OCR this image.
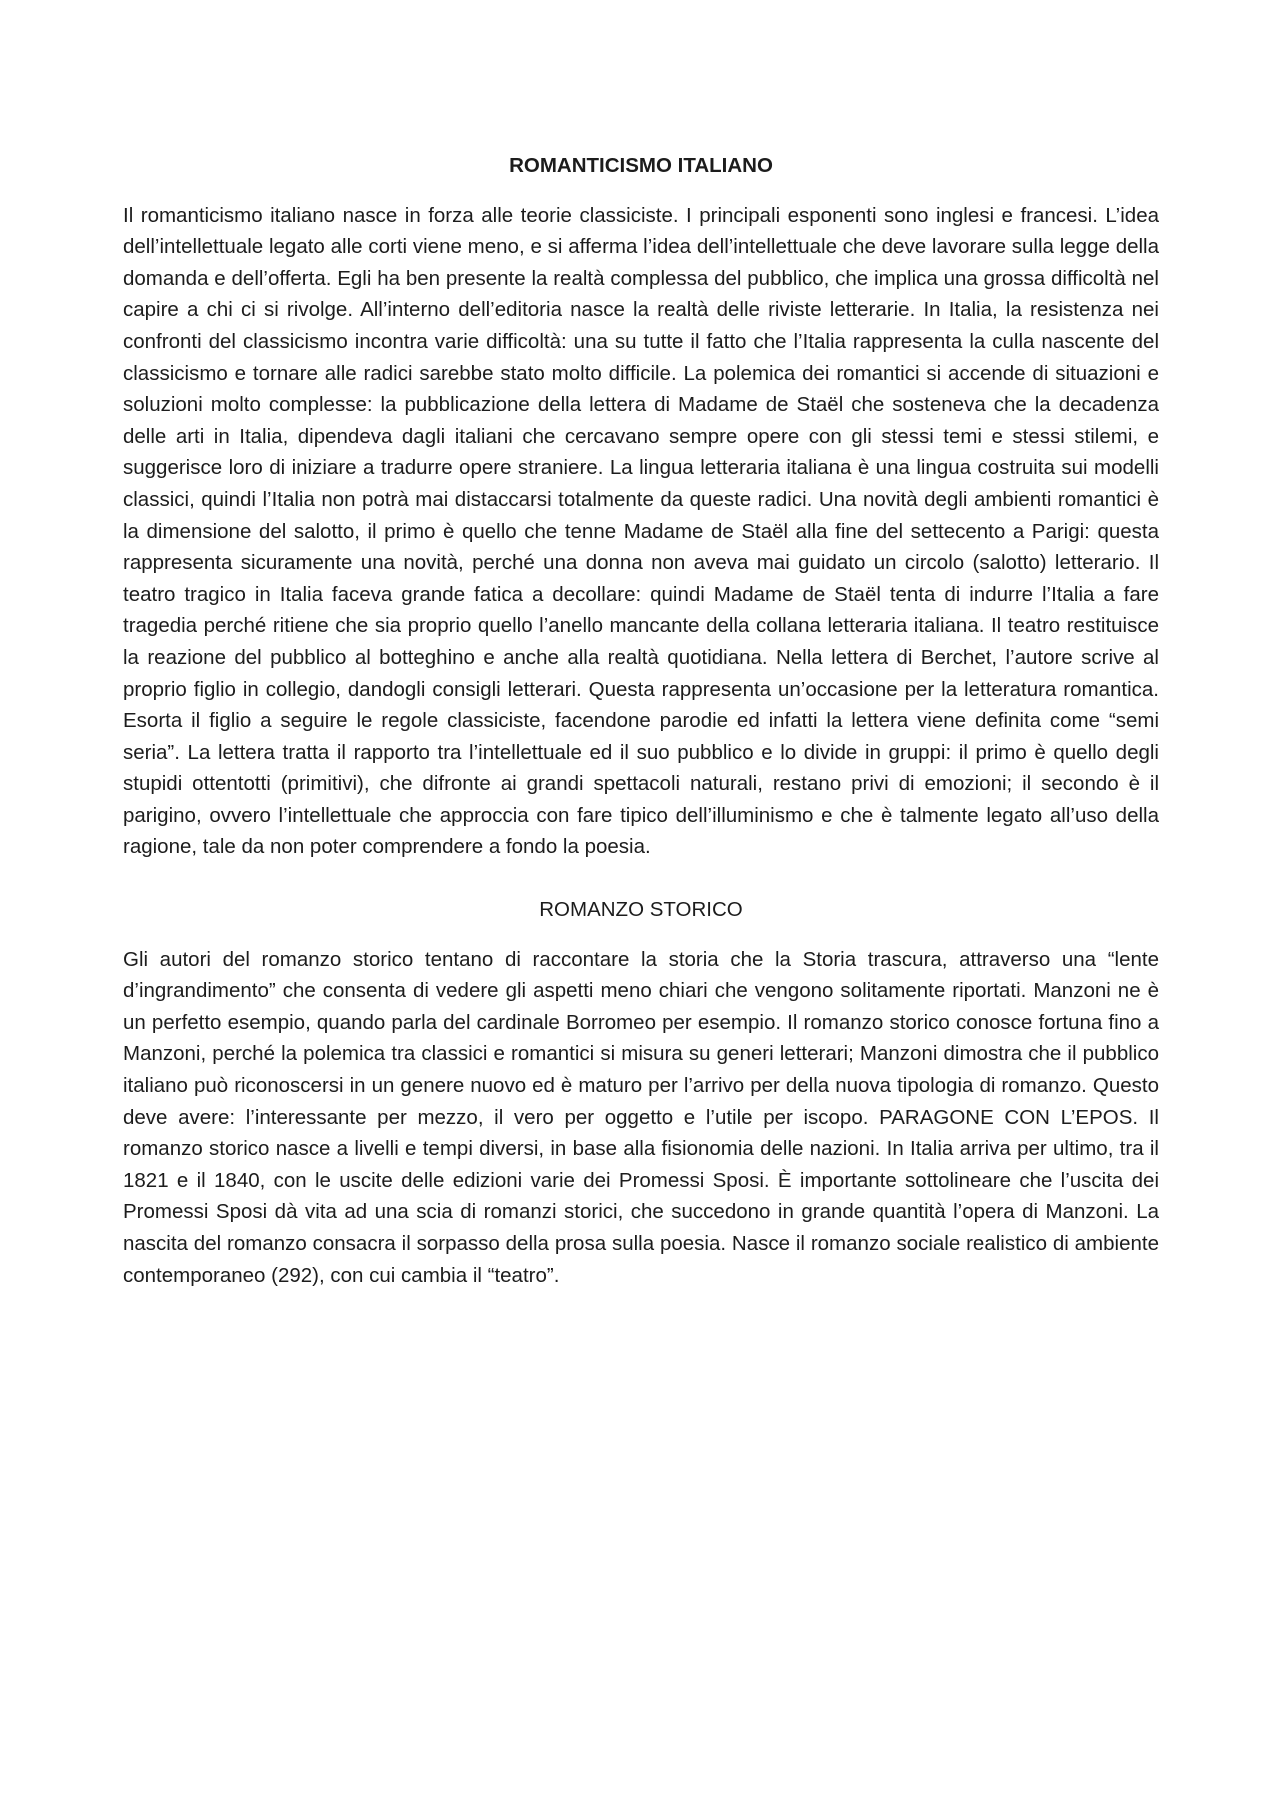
ROMANTICISMO ITALIANO

Il romanticismo italiano nasce in forza alle teorie classiciste. I principali esponenti sono inglesi e francesi. L’idea dell’intellettuale legato alle corti viene meno, e si afferma l’idea dell’intellettuale che deve lavorare sulla legge della domanda e dell’offerta. Egli ha ben presente la realtà complessa del pubblico, che implica una grossa difficoltà nel capire a chi ci si rivolge. All’interno dell’editoria nasce la realtà delle riviste letterarie. In Italia, la resistenza nei confronti del classicismo incontra varie difficoltà: una su tutte il fatto che l’Italia rappresenta la culla nascente del classicismo e tornare alle radici sarebbe stato molto difficile. La polemica dei romantici si accende di situazioni e soluzioni molto complesse: la pubblicazione della lettera di Madame de Staël che sosteneva che la decadenza delle arti in Italia, dipendeva dagli italiani che cercavano sempre opere con gli stessi temi e stessi stilemi, e suggerisce loro di iniziare a tradurre opere straniere. La lingua letteraria italiana è una lingua costruita sui modelli classici, quindi l’Italia non potrà mai distaccarsi totalmente da queste radici. Una novità degli ambienti romantici è la dimensione del salotto, il primo è quello che tenne Madame de Staël alla fine del settecento a Parigi: questa rappresenta sicuramente una novità, perché una donna non aveva mai guidato un circolo (salotto) letterario. Il teatro tragico in Italia faceva grande fatica a decollare: quindi Madame de Staël tenta di indurre l’Italia a fare tragedia perché ritiene che sia proprio quello l’anello mancante della collana letteraria italiana. Il teatro restituisce la reazione del pubblico al botteghino e anche alla realtà quotidiana. Nella lettera di Berchet, l’autore scrive al proprio figlio in collegio, dandogli consigli letterari. Questa rappresenta un’occasione per la letteratura romantica. Esorta il figlio a seguire le regole classiciste, facendone parodie ed infatti la lettera viene definita come “semi seria”. La lettera tratta il rapporto tra l’intellettuale ed il suo pubblico e lo divide in gruppi: il primo è quello degli stupidi ottentotti (primitivi), che difronte ai grandi spettacoli naturali, restano privi di emozioni; il secondo è il parigino, ovvero l’intellettuale che approccia con fare tipico dell’illuminismo e che è talmente legato all’uso della ragione, tale da non poter comprendere a fondo la poesia.

ROMANZO STORICO

Gli autori del romanzo storico tentano di raccontare la storia che la Storia trascura, attraverso una “lente d’ingrandimento” che consenta di vedere gli aspetti meno chiari che vengono solitamente riportati. Manzoni ne è un perfetto esempio, quando parla del cardinale Borromeo per esempio. Il romanzo storico conosce fortuna fino a Manzoni, perché la polemica tra classici e romantici si misura su generi letterari; Manzoni dimostra che il pubblico italiano può riconoscersi in un genere nuovo ed è maturo per l’arrivo per della nuova tipologia di romanzo. Questo deve avere: l’interessante per mezzo, il vero per oggetto e l’utile per iscopo. PARAGONE CON L’EPOS. Il romanzo storico nasce a livelli e tempi diversi, in base alla fisionomia delle nazioni. In Italia arriva per ultimo, tra il 1821 e il 1840, con le uscite delle edizioni varie dei Promessi Sposi. È importante sottolineare che l’uscita dei Promessi Sposi dà vita ad una scia di romanzi storici, che succedono in grande quantità l’opera di Manzoni. La nascita del romanzo consacra il sorpasso della prosa sulla poesia. Nasce il romanzo sociale realistico di ambiente contemporaneo (292), con cui cambia il “teatro”.
